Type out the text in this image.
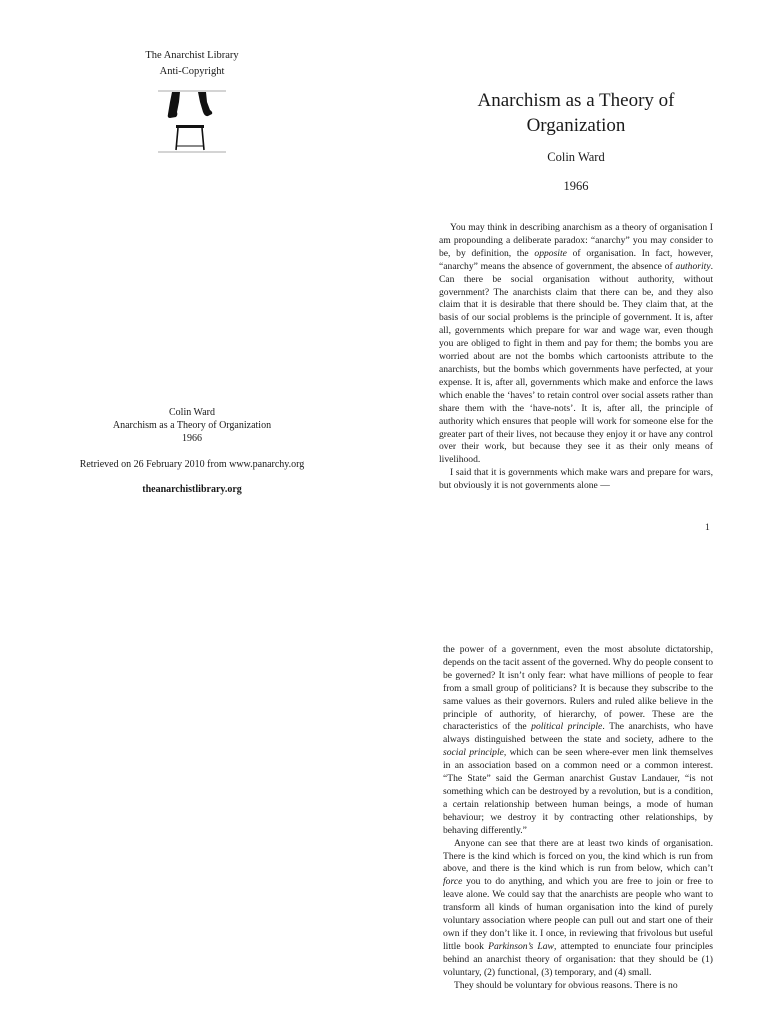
The Anarchist Library
Anti-Copyright
Colin Ward
Anarchism as a Theory of Organization
1966
Retrieved on 26 February 2010 from www.panarchy.org
theanarchistlibrary.org
Anarchism as a Theory of
Organization
Colin Ward
1966

You may think in describing anarchism as a theory of organisation I am propounding a deliberate paradox: “anarchy” you may consider to be, by definition, the opposite of organisation. In fact, however, “anarchy” means the absence of government, the absence of authority. Can there be social organisation without authority, without government? The anarchists claim that there can be, and they also claim that it is desirable that there should be. They claim that, at the basis of our social problems is the principle of government. It is, after all, governments which prepare for war and wage war, even though you are obliged to fight in them and pay for them; the bombs you are worried about are not the bombs which cartoonists attribute to the anarchists, but the bombs which governments have perfected, at your expense. It is, after all, governments which make and enforce the laws which enable the ‘haves’ to retain control over social assets rather than share them with the ‘have-nots’. It is, after all, the principle of authority which ensures that people will work for someone else for the greater part of their lives, not because they enjoy it or have any control over their work, but because they see it as their only means of livelihood.

I said that it is governments which make wars and prepare for wars, but obviously it is not governments alone —

1

the power of a government, even the most absolute dictatorship, depends on the tacit assent of the governed. Why do people consent to be governed? It isn’t only fear: what have millions of people to fear from a small group of politicians? It is because they subscribe to the same values as their governors. Rulers and ruled alike believe in the principle of authority, of hierarchy, of power. These are the characteristics of the political principle. The anarchists, who have always distinguished between the state and society, adhere to the social principle, which can be seen where-ever men link themselves in an association based on a common need or a common interest. “The State” said the German anarchist Gustav Landauer, “is not something which can be destroyed by a revolution, but is a condition, a certain relationship between human beings, a mode of human behaviour; we destroy it by contracting other relationships, by behaving differently.”

Anyone can see that there are at least two kinds of organisation. There is the kind which is forced on you, the kind which is run from above, and there is the kind which is run from below, which can’t force you to do anything, and which you are free to join or free to leave alone. We could say that the anarchists are people who want to transform all kinds of human organisation into the kind of purely voluntary association where people can pull out and start one of their own if they don’t like it. I once, in reviewing that frivolous but useful little book Parkinson’s Law, attempted to enunciate four principles behind an anarchist theory of organisation: that they should be (1) voluntary, (2) functional, (3) temporary, and (4) small.

They should be voluntary for obvious reasons. There is no
